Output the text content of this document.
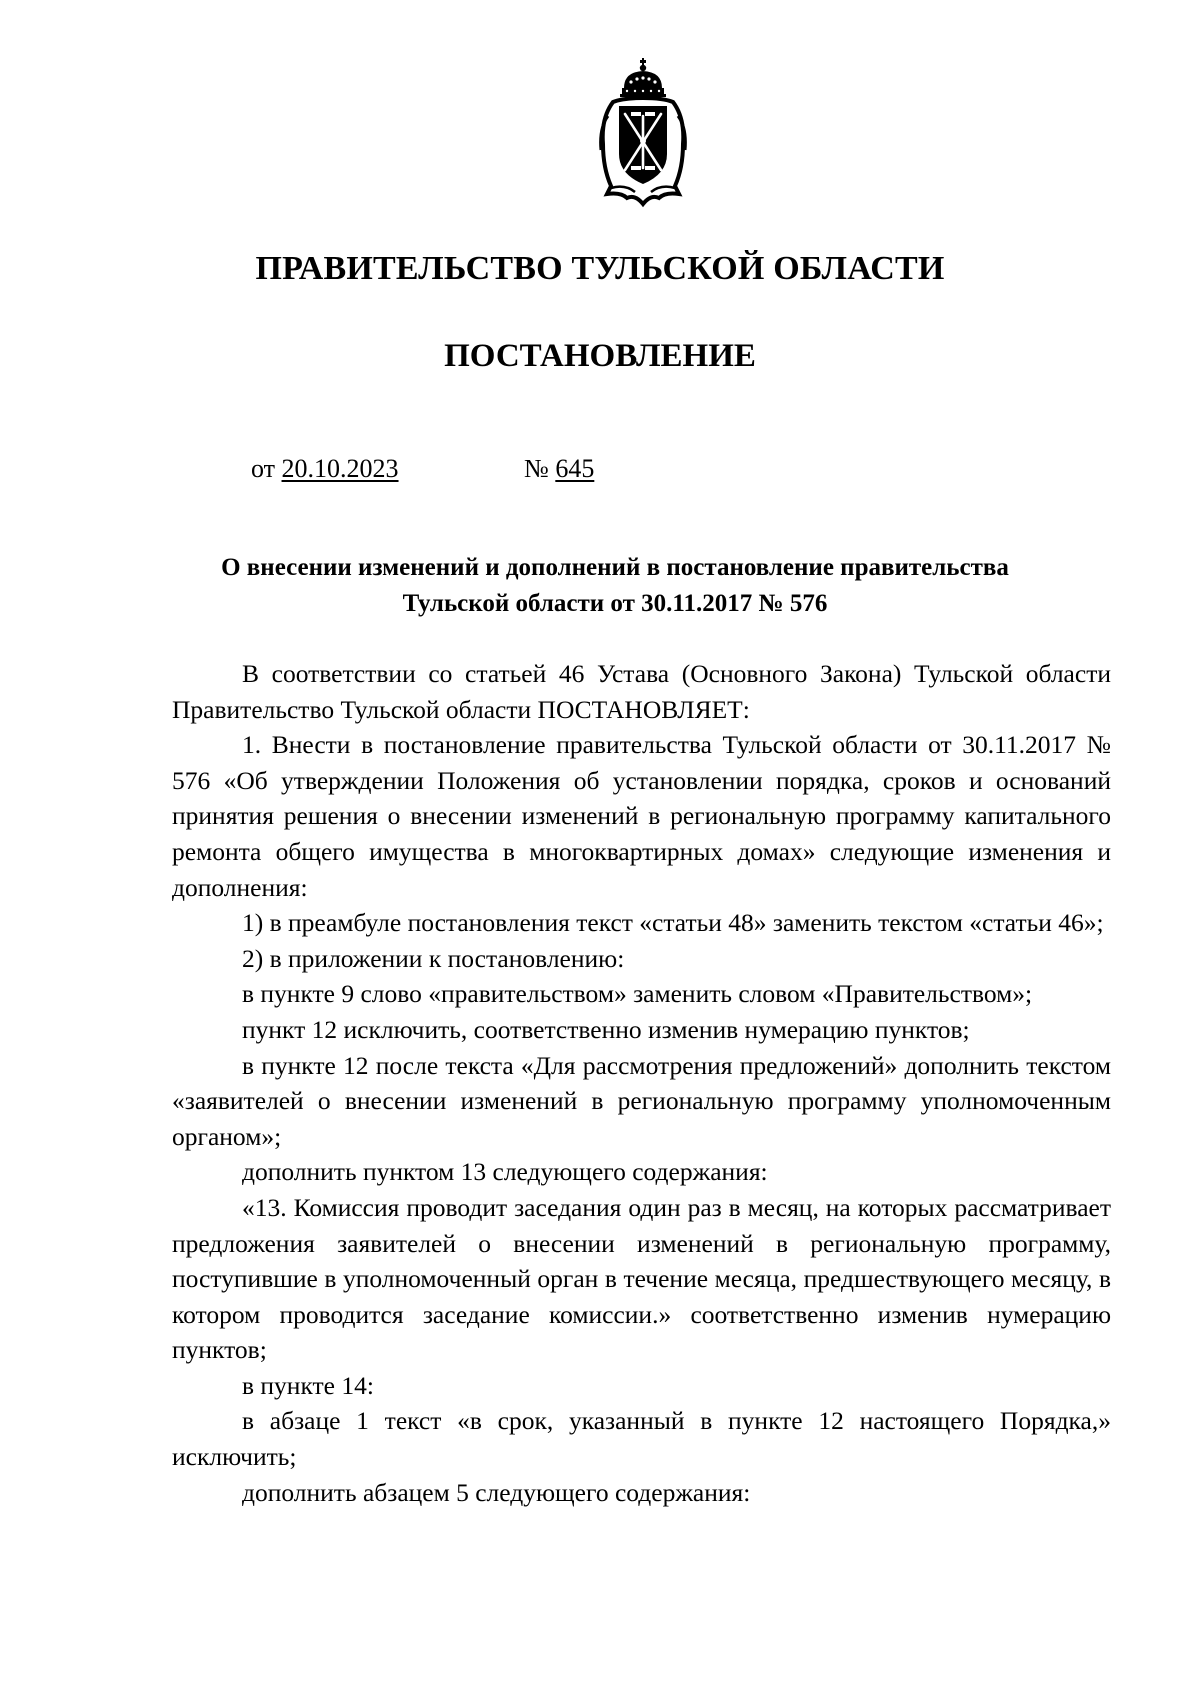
ПРАВИТЕЛЬСТВО ТУЛЬСКОЙ ОБЛАСТИ
ПОСТАНОВЛЕНИЕ
от 20.10.2023	№ 645
О внесении изменений и дополнений в постановление правительства
Тульской области от 30.11.2017 № 576

В соответствии со статьей 46 Устава (Основного Закона) Тульской области Правительство Тульской области ПОСТАНОВЛЯЕТ:

1. Внести в постановление правительства Тульской области от 30.11.2017 № 576 «Об утверждении Положения об установлении порядка, сроков и оснований принятия решения о внесении изменений в региональную программу капитального ремонта общего имущества в многоквартирных домах» следующие изменения и дополнения:

1) в преамбуле постановления текст «статьи 48» заменить текстом «статьи 46»;

2) в приложении к постановлению:

в пункте 9 слово «правительством» заменить словом «Правительством»;

пункт 12 исключить, соответственно изменив нумерацию пунктов;

в пункте 12 после текста «Для рассмотрения предложений» дополнить текстом «заявителей о внесении изменений в региональную программу уполномоченным органом»;

дополнить пунктом 13 следующего содержания:

«13. Комиссия проводит заседания один раз в месяц, на которых рассматривает предложения заявителей о внесении изменений в региональную программу, поступившие в уполномоченный орган в течение месяца, предшествующего месяцу, в котором проводится заседание комиссии.» соответственно изменив нумерацию пунктов;

в пункте 14:

в абзаце 1 текст «в срок, указанный в пункте 12 настоящего Порядка,» исключить;

дополнить абзацем 5 следующего содержания:
